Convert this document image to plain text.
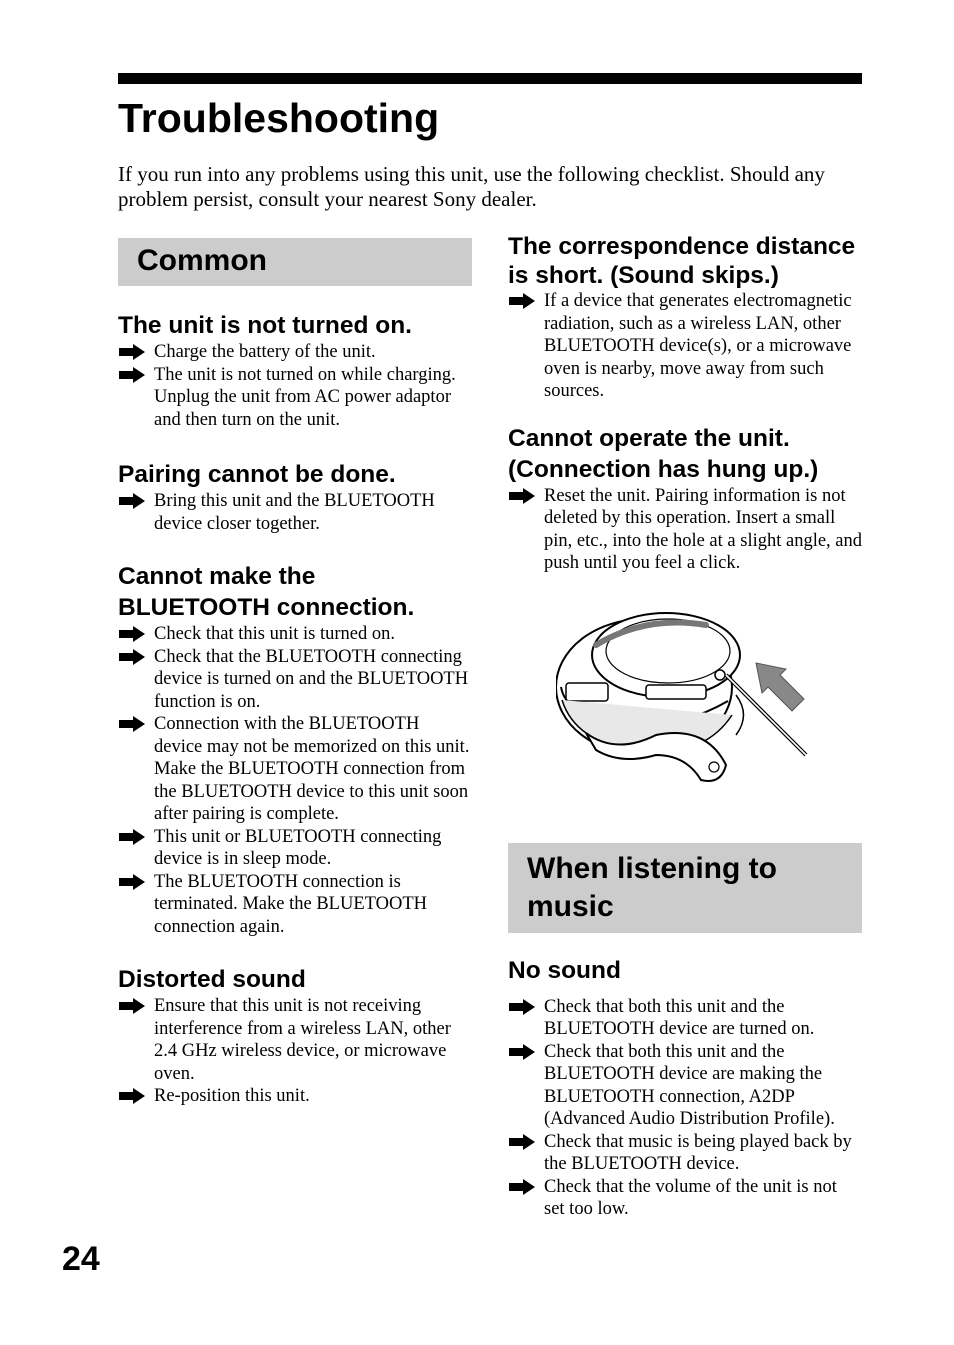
Troubleshooting

If you run into any problems using this unit, use the following checklist. Should any problem persist, consult your nearest Sony dealer.

Common
The unit is not turned on.
Charge the battery of the unit.
The unit is not turned on while charging. Unplug the unit from AC power adaptor and then turn on the unit.
Pairing cannot be done.
Bring this unit and the BLUETOOTH device closer together.
Cannot make the BLUETOOTH connection.
Check that this unit is turned on.
Check that the BLUETOOTH connecting device is turned on and the BLUETOOTH function is on.
Connection with the BLUETOOTH device may not be memorized on this unit. Make the BLUETOOTH connection from the BLUETOOTH device to this unit soon after pairing is complete.
This unit or BLUETOOTH connecting device is in sleep mode.
The BLUETOOTH connection is terminated. Make the BLUETOOTH connection again.
Distorted sound
Ensure that this unit is not receiving interference from a wireless LAN, other 2.4 GHz wireless device, or microwave oven.
Re-position this unit.
The correspondence distance is short. (Sound skips.)
If a device that generates electromagnetic radiation, such as a wireless LAN, other BLUETOOTH device(s), or a microwave oven is nearby, move away from such sources.
Cannot operate the unit. (Connection has hung up.)
Reset the unit. Pairing information is not deleted by this operation. Insert a small pin, etc., into the hole at a slight angle, and push until you feel a click.
When listening to music
No sound
Check that both this unit and the BLUETOOTH device are turned on.
Check that both this unit and the BLUETOOTH device are making the BLUETOOTH connection, A2DP (Advanced Audio Distribution Profile).
Check that music is being played back by the BLUETOOTH device.
Check that the volume of the unit is not set too low.

24
